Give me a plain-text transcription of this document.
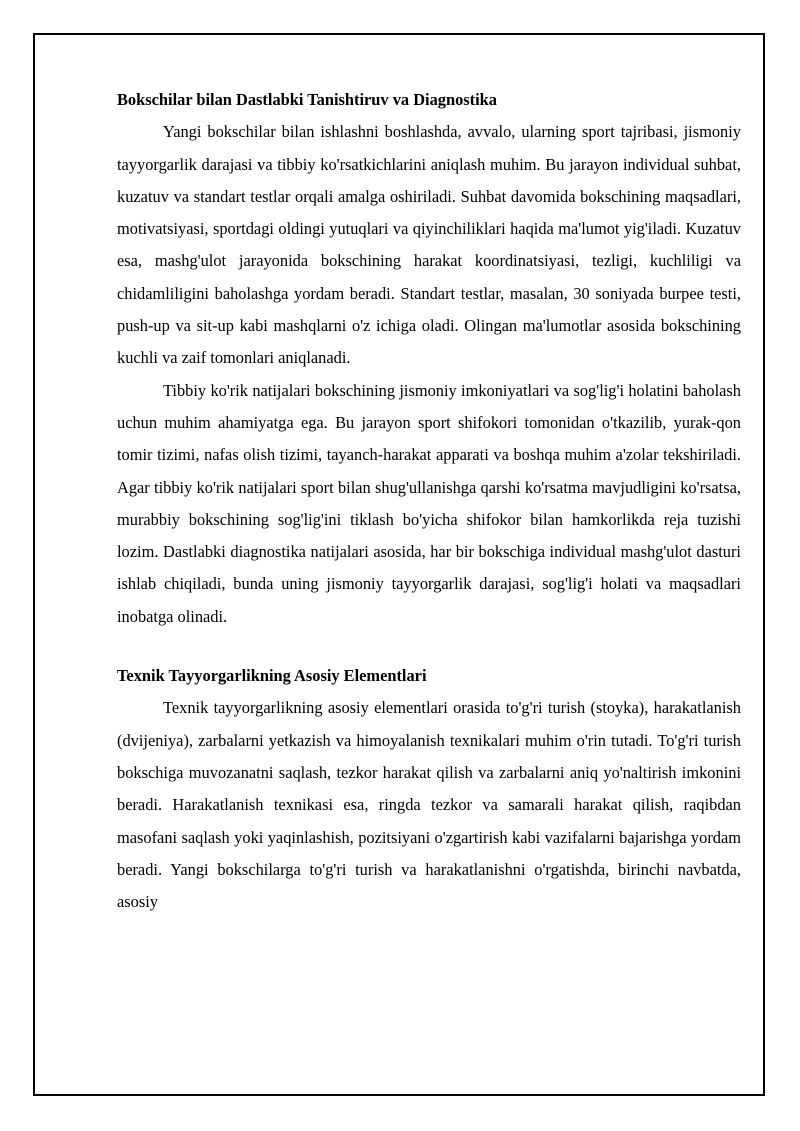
Bokschilar bilan Dastlabki Tanishtiruv va Diagnostika

Yangi bokschilar bilan ishlashni boshlashda, avvalo, ularning sport tajribasi, jismoniy tayyorgarlik darajasi va tibbiy ko'rsatkichlarini aniqlash muhim. Bu jarayon individual suhbat, kuzatuv va standart testlar orqali amalga oshiriladi. Suhbat davomida bokschining maqsadlari, motivatsiyasi, sportdagi oldingi yutuqlari va qiyinchiliklari haqida ma'lumot yig'iladi. Kuzatuv esa, mashg'ulot jarayonida bokschining harakat koordinatsiyasi, tezligi, kuchliligi va chidamliligini baholashga yordam beradi. Standart testlar, masalan, 30 soniyada burpee testi, push-up va sit-up kabi mashqlarni o'z ichiga oladi. Olingan ma'lumotlar asosida bokschining kuchli va zaif tomonlari aniqlanadi.

Tibbiy ko'rik natijalari bokschining jismoniy imkoniyatlari va sog'lig'i holatini baholash uchun muhim ahamiyatga ega. Bu jarayon sport shifokori tomonidan o'tkazilib, yurak-qon tomir tizimi, nafas olish tizimi, tayanch-harakat apparati va boshqa muhim a'zolar tekshiriladi. Agar tibbiy ko'rik natijalari sport bilan shug'ullanishga qarshi ko'rsatma mavjudligini ko'rsatsa, murabbiy bokschining sog'lig'ini tiklash bo'yicha shifokor bilan hamkorlikda reja tuzishi lozim. Dastlabki diagnostika natijalari asosida, har bir bokschiga individual mashg'ulot dasturi ishlab chiqiladi, bunda uning jismoniy tayyorgarlik darajasi, sog'lig'i holati va maqsadlari inobatga olinadi.

Texnik Tayyorgarlikning Asosiy Elementlari

Texnik tayyorgarlikning asosiy elementlari orasida to'g'ri turish (stoyka), harakatlanish (dvijeniya), zarbalarni yetkazish va himoyalanish texnikalari muhim o'rin tutadi. To'g'ri turish bokschiga muvozanatni saqlash, tezkor harakat qilish va zarbalarni aniq yo'naltirish imkonini beradi. Harakatlanish texnikasi esa, ringda tezkor va samarali harakat qilish, raqibdan masofani saqlash yoki yaqinlashish, pozitsiyani o'zgartirish kabi vazifalarni bajarishga yordam beradi. Yangi bokschilarga to'g'ri turish va harakatlanishni o'rgatishda, birinchi navbatda, asosiy
